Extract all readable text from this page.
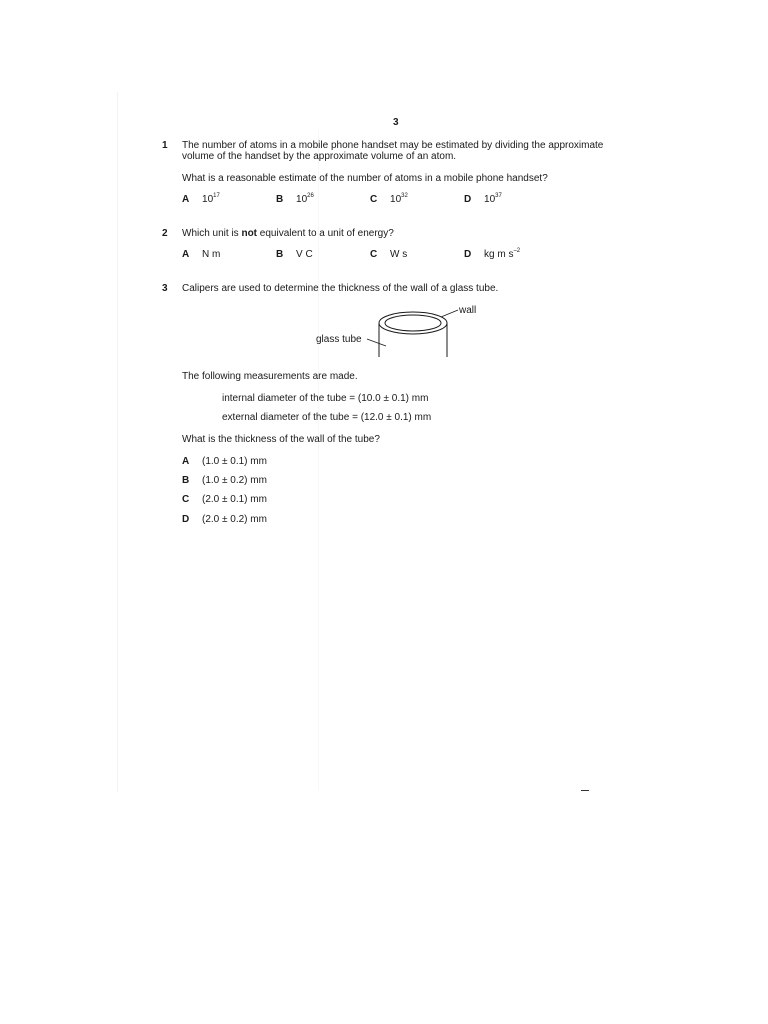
3
1 The number of atoms in a mobile phone handset may be estimated by dividing the approximate
volume of the handset by the approximate volume of an atom.
What is a reasonable estimate of the number of atoms in a mobile phone handset?
A $10^{17}$	B $10^{26}$	C $10^{32}$	D $10^{37}$
2 Which unit is not equivalent to a unit of energy?
A N m	B V C	C W s	D kg m $s^{-2}$
3 Calipers are used to determine the thickness of the wall of a glass tube.
wall
glass tube
The following measurements are made.
internal diameter of the tube = (10.0 ± 0.1) mm
external diameter of the tube = (12.0 ± 0.1) mm
What is the thickness of the wall of the tube?
A (1.0 ± 0.1) mm
B (1.0 ± 0.2) mm
C (2.0 ± 0.1) mm
D (2.0 ± 0.2) mm
